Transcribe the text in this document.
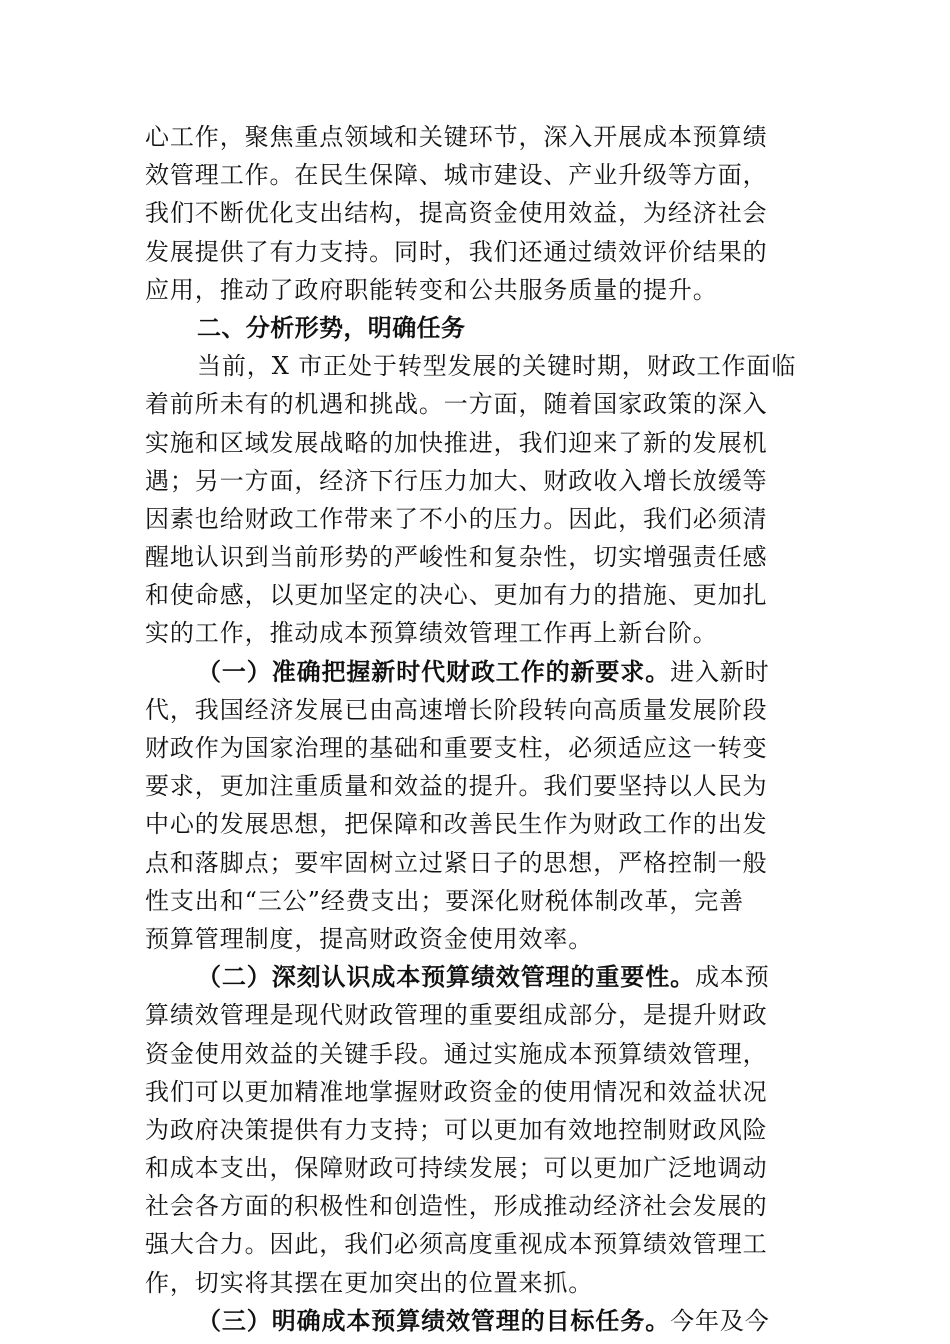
心工作，聚焦重点领域和关键环节，深入开展成本预算绩
效管理工作。在民生保障、城市建设、产业升级等方面，
我们不断优化支出结构，提高资金使用效益，为经济社会
发展提供了有力支持。同时，我们还通过绩效评价结果的
应用，推动了政府职能转变和公共服务质量的提升。
二、分析形势，明确任务
当前，X 市正处于转型发展的关键时期，财政工作面临
着前所未有的机遇和挑战。一方面，随着国家政策的深入
实施和区域发展战略的加快推进，我们迎来了新的发展机
遇；另一方面，经济下行压力加大、财政收入增长放缓等
因素也给财政工作带来了不小的压力。因此，我们必须清
醒地认识到当前形势的严峻性和复杂性，切实增强责任感
和使命感，以更加坚定的决心、更加有力的措施、更加扎
实的工作，推动成本预算绩效管理工作再上新台阶。
（一）准确把握新时代财政工作的新要求。进入新时
代，我国经济发展已由高速增长阶段转向高质量发展阶段
财政作为国家治理的基础和重要支柱，必须适应这一转变
要求，更加注重质量和效益的提升。我们要坚持以人民为
中心的发展思想，把保障和改善民生作为财政工作的出发
点和落脚点；要牢固树立过紧日子的思想，严格控制一般
性支出和“三公”经费支出；要深化财税体制改革，完善
预算管理制度，提高财政资金使用效率。
（二）深刻认识成本预算绩效管理的重要性。成本预
算绩效管理是现代财政管理的重要组成部分，是提升财政
资金使用效益的关键手段。通过实施成本预算绩效管理，
我们可以更加精准地掌握财政资金的使用情况和效益状况
为政府决策提供有力支持；可以更加有效地控制财政风险
和成本支出，保障财政可持续发展；可以更加广泛地调动
社会各方面的积极性和创造性，形成推动经济社会发展的
强大合力。因此，我们必须高度重视成本预算绩效管理工
作，切实将其摆在更加突出的位置来抓。
（三）明确成本预算绩效管理的目标任务。今年及今
